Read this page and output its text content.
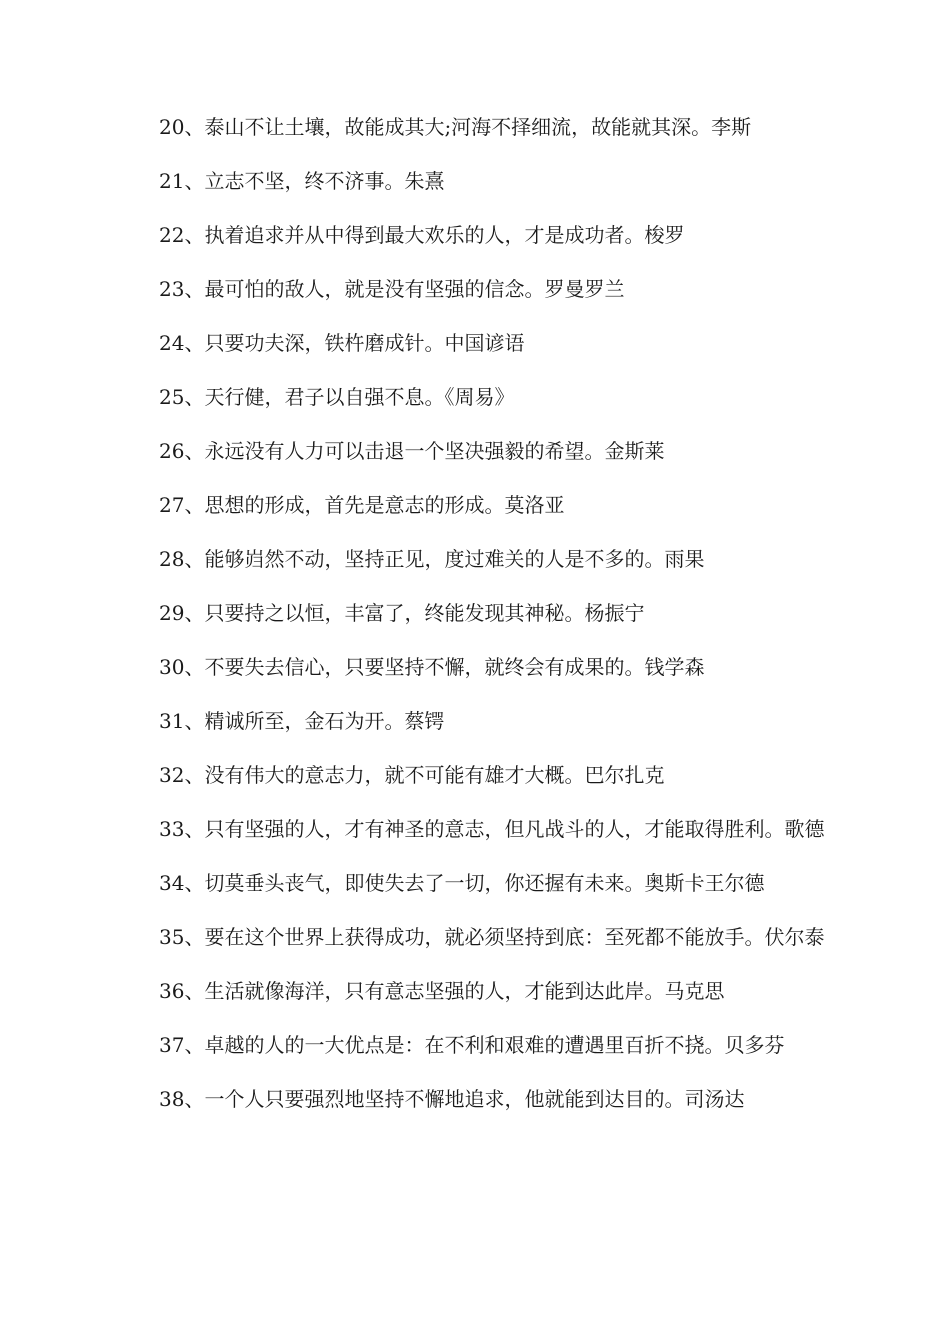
20、泰山不让土壤，故能成其大;河海不择细流，故能就其深。李斯

21、立志不坚，终不济事。朱熹

22、执着追求并从中得到最大欢乐的人，才是成功者。梭罗

23、最可怕的敌人，就是没有坚强的信念。罗曼罗兰

24、只要功夫深，铁杵磨成针。中国谚语

25、天行健，君子以自强不息。《周易》

26、永远没有人力可以击退一个坚决强毅的希望。金斯莱

27、思想的形成，首先是意志的形成。莫洛亚

28、能够岿然不动，坚持正见，度过难关的人是不多的。雨果

29、只要持之以恒，丰富了，终能发现其神秘。杨振宁

30、不要失去信心，只要坚持不懈，就终会有成果的。钱学森

31、精诚所至，金石为开。蔡锷

32、没有伟大的意志力，就不可能有雄才大概。巴尔扎克

33、只有坚强的人，才有神圣的意志，但凡战斗的人，才能取得胜利。歌德

34、切莫垂头丧气，即使失去了一切，你还握有未来。奥斯卡王尔德

35、要在这个世界上获得成功，就必须坚持到底：至死都不能放手。伏尔泰

36、生活就像海洋，只有意志坚强的人，才能到达此岸。马克思

37、卓越的人的一大优点是：在不利和艰难的遭遇里百折不挠。贝多芬

38、一个人只要强烈地坚持不懈地追求，他就能到达目的。司汤达
